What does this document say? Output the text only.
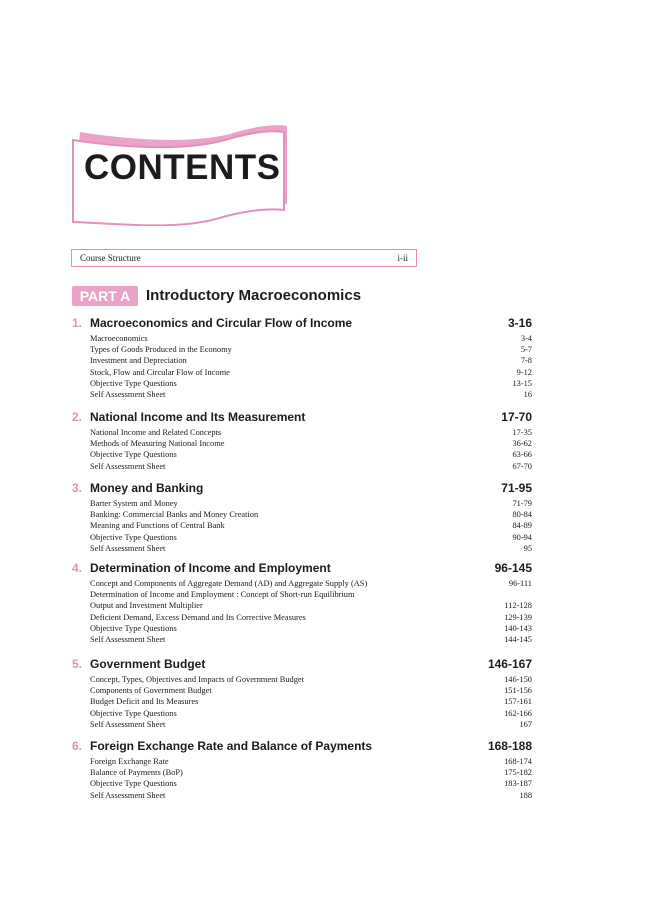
CONTENTS
Course Structure	i-ii
PART A	Introductory Macroeconomics
1. Macroeconomics and Circular Flow of Income	3-16
Macroeconomics	3-4
Types of Goods Produced in the Economy	5-7
Investment and Depreciation	7-8
Stock, Flow and Circular Flow of Income	9-12
Objective Type Questions	13-15
Self Assessment Sheet	16
2. National Income and Its Measurement	17-70
National Income and Related Concepts	17-35
Methods of Measuring National Income	36-62
Objective Type Questions	63-66
Self Assessment Sheet	67-70
3. Money and Banking	71-95
Barter System and Money	71-79
Banking: Commercial Banks and Money Creation	80-84
Meaning and Functions of Central Bank	84-89
Objective Type Questions	90-94
Self Assessment Sheet	95
4. Determination of Income and Employment	96-145
Concept and Components of Aggregate Demand (AD) and Aggregate Supply (AS)	96-111
Determination of Income and Employment : Concept of Short-run Equilibrium
Output and Investment Multiplier	112-128
Deficient Demand, Excess Demand and Its Corrective Measures	129-139
Objective Type Questions	140-143
Self Assessment Sheet	144-145
5. Government Budget	146-167
Concept, Types, Objectives and Impacts of Government Budget	146-150
Components of Government Budget	151-156
Budget Deficit and Its Measures	157-161
Objective Type Questions	162-166
Self Assessment Sheet	167
6. Foreign Exchange Rate and Balance of Payments	168-188
Foreign Exchange Rate	168-174
Balance of Payments (BoP)	175-182
Objective Type Questions	183-187
Self Assessment Sheet	188
